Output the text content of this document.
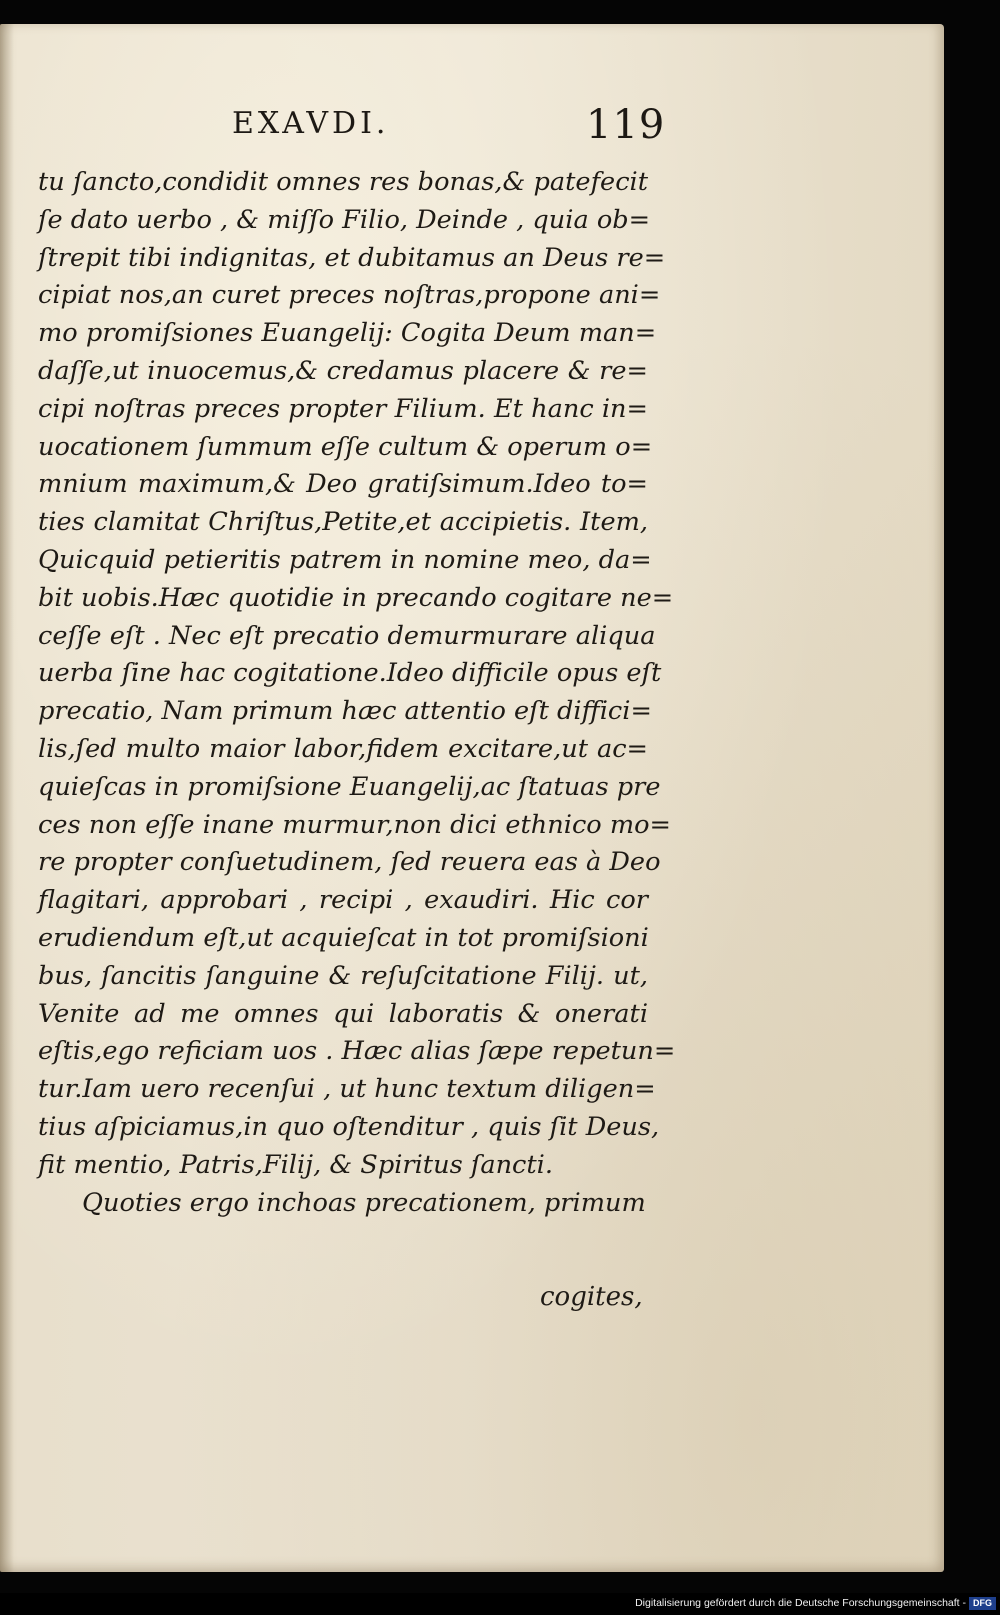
EXAVDI.	119
tu ſancto,condidit omnes res bonas,& patefecit
ſe dato uerbo , & miſſo Filio, Deinde , quia ob=
ſtrepit tibi indignitas, et dubitamus an Deus re=
cipiat nos,an curet preces noſtras,propone ani=
mo promiſsiones Euangelij: Cogita Deum man=
daſſe,ut inuocemus,& credamus placere & re=
cipi noſtras preces propter Filium. Et hanc in=
uocationem ſummum eſſe cultum & operum o=
mnium maximum,& Deo gratiſsimum.Ideo to=
ties clamitat Chriſtus,Petite,et accipietis. Item,
Quicquid petieritis patrem in nomine meo, da=
bit uobis.Hæc quotidie in precando cogitare ne=
ceſſe eſt . Nec eſt precatio demurmurare aliqua
uerba ſine hac cogitatione.Ideo difficile opus eſt
precatio, Nam primum hæc attentio eſt diffici=
lis,ſed multo maior labor,fidem excitare,ut ac=
quieſcas in promiſsione Euangelij,ac ſtatuas pre
ces non eſſe inane murmur,non dici ethnico mo=
re propter conſuetudinem, ſed reuera eas à Deo
flagitari, approbari , recipi , exaudiri. Hic cor
erudiendum eſt,ut acquieſcat in tot promiſsioni
bus, ſancitis ſanguine & reſuſcitatione Filij. ut,
Venite ad me omnes qui laboratis & onerati
eſtis,ego reficiam uos . Hæc alias ſæpe repetun=
tur.Iam uero recenſui , ut hunc textum diligen=
tius aſpiciamus,in quo oſtenditur , quis ſit Deus,
fit mentio, Patris,Filij, & Spiritus ſancti.
Quoties ergo inchoas precationem, primum
cogites,
Digitalisierung gefördert durch die Deutsche Forschungsgemeinschaft - DFG
